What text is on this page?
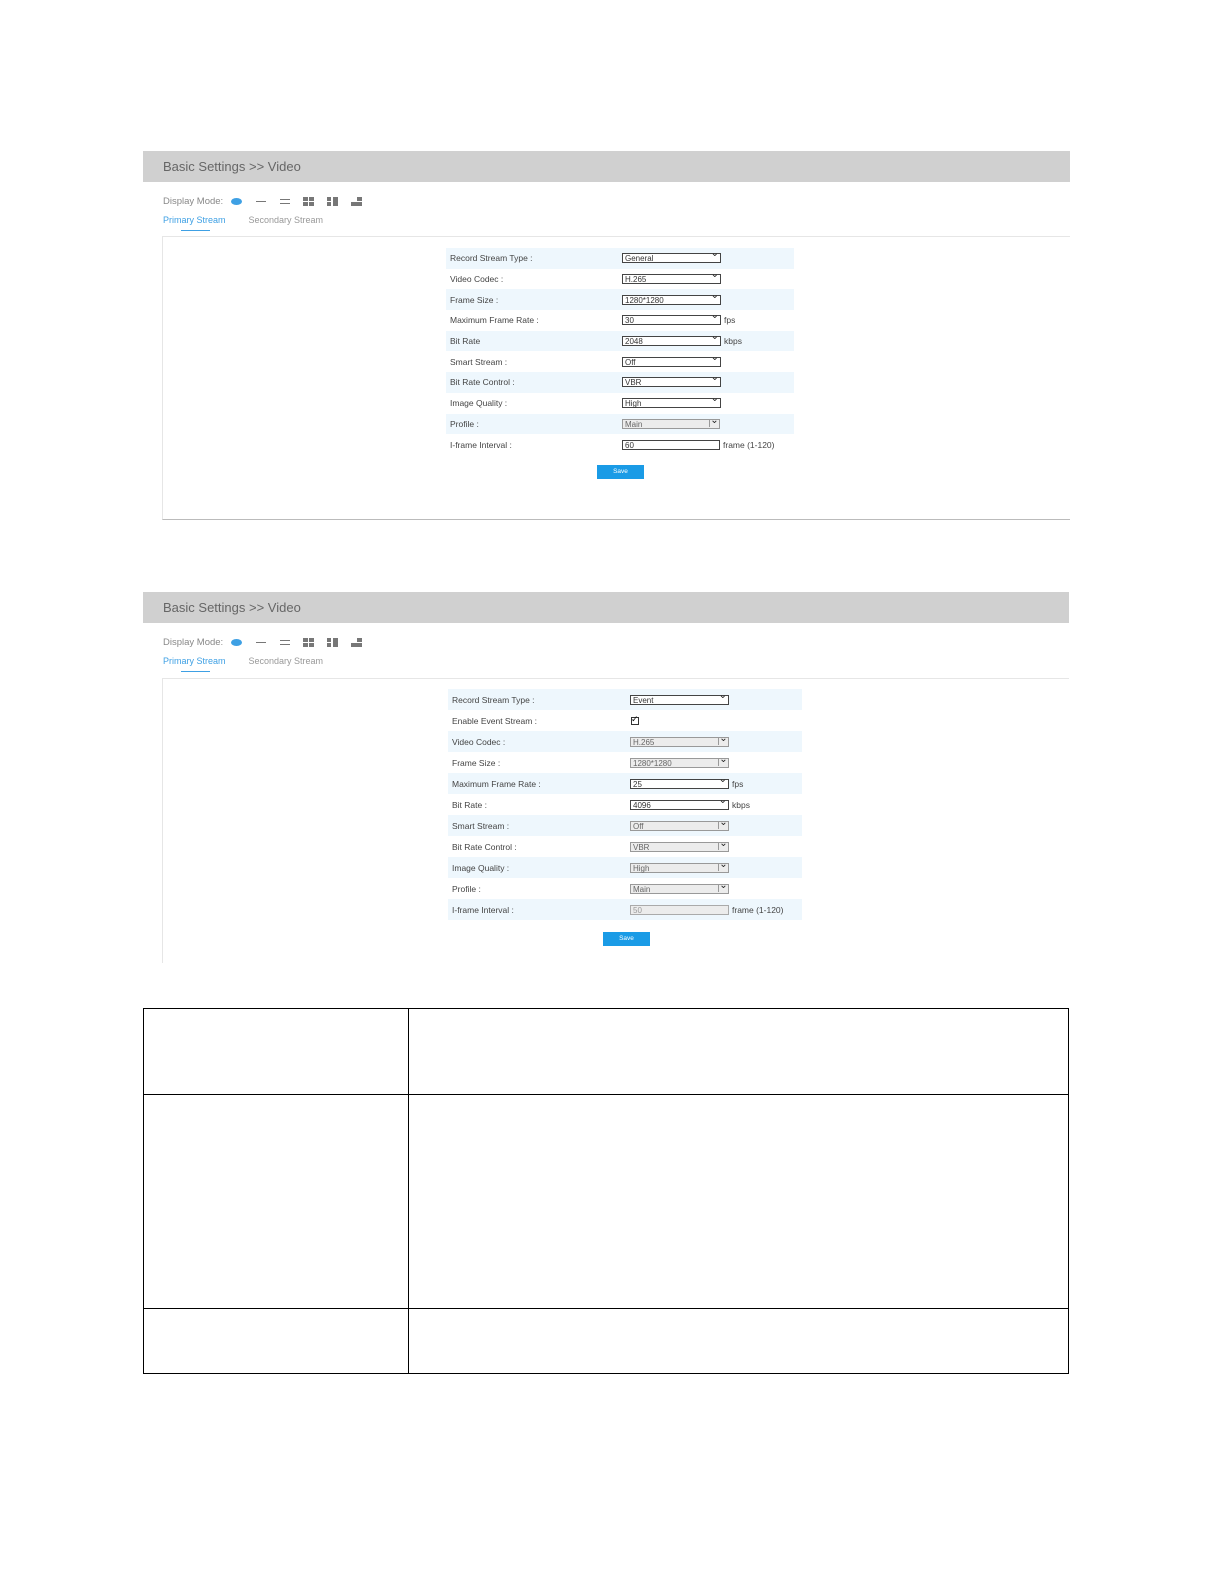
Basic Settings >> Video
Display Mode:
Primary Stream	Secondary Stream
Record Stream Type :	General ⌄
Video Codec :	H.265 ⌄
Frame Size :	1280*1280 ⌄
Maximum Frame Rate :	30 ⌄	fps
Bit Rate	2048 ⌄	kbps
Smart Stream :	Off ⌄
Bit Rate Control :	VBR ⌄
Image Quality :	High ⌄
Profile :	Main ⌄
I-frame Interval :	60	frame (1-120)
Save
Basic Settings >> Video
Display Mode:
Primary Stream	Secondary Stream
Record Stream Type :	Event ⌄
Enable Event Stream :
✓
Video Codec :	H.265 ⌄
Frame Size :	1280*1280 ⌄
Maximum Frame Rate :	25 ⌄	fps
Bit Rate :	4096 ⌄	kbps
Smart Stream :	Off ⌄
Bit Rate Control :	VBR ⌄
Image Quality :	High ⌄
Profile :	Main ⌄
I-frame Interval :	50	frame (1-120)
Save
